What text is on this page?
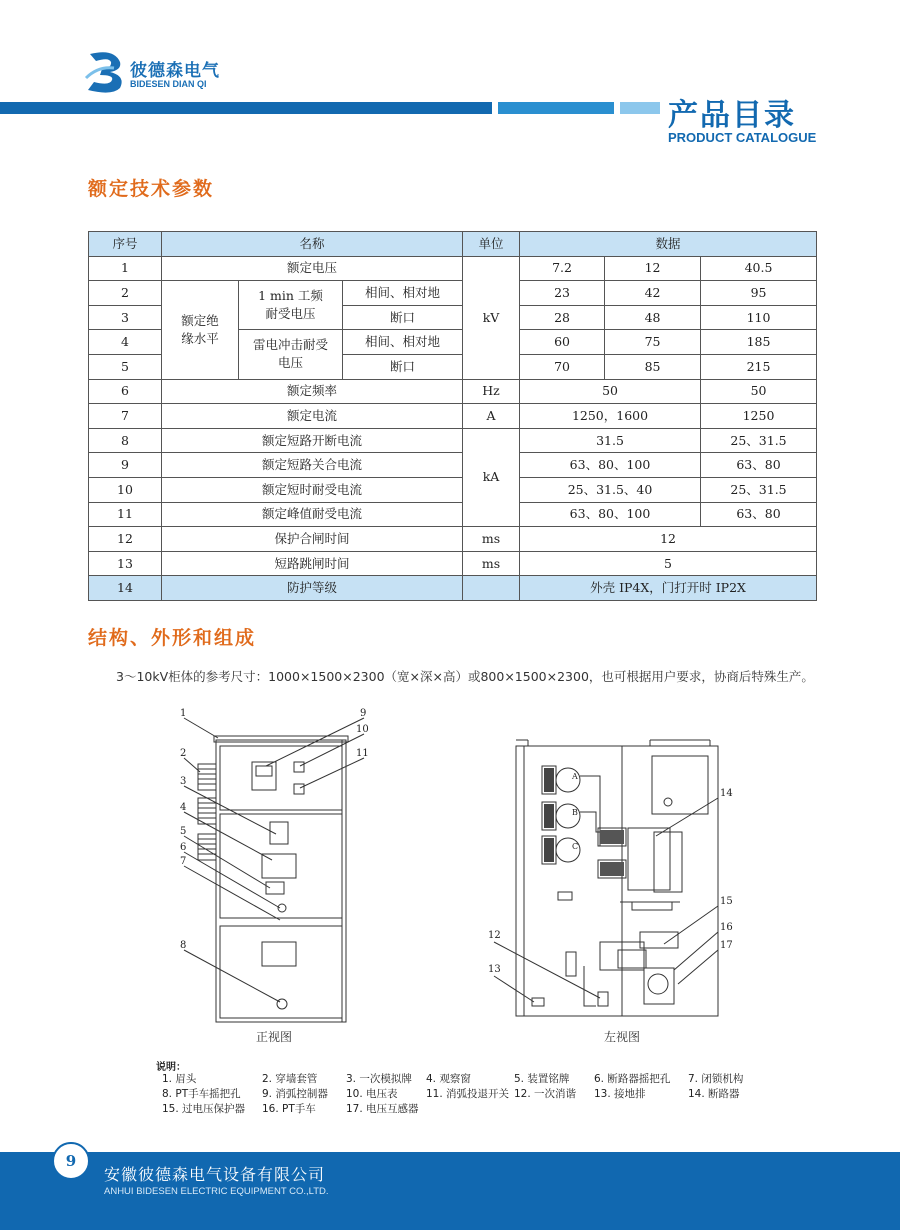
彼德森电气
BIDESEN DIAN QI
产品目录
PRODUCT CATALOGUE
额定技术参数
序号	名称			单位	数据		
1	额定电压			kV	7.2	12	40.5
2	额定绝缘水平	1 min 工频耐受电压	相间、相对地		23	42	95
3			断口		28	48	110
4		雷电冲击耐受电压	相间、相对地		60	75	185
5			断口		70	85	215
6	额定频率			Hz	50		50
7	额定电流			A	1250，1600		1250
8	额定短路开断电流			kA	31.5		25、31.5
9	额定短路关合电流				63、80、100		63、80
10	额定短时耐受电流				25、31.5、40		25、31.5
11	额定峰值耐受电流				63、80、100		63、80
12	保护合闸时间			ms	12		
13	短路跳闸时间			ms	5		
14	防护等级				外壳 IP4X，门打开时 IP2X		
结构、外形和组成
3～10kV柜体的参考尺寸：1000×1500×2300（宽×深×高）或800×1500×2300，也可根据用户要求，协商后特殊生产。
1
2
3
4
5
6
7
8
9
10
11
正视图
A
B
C
12
13
14
15
16
17
左视图
说明：
1. 眉头	2. 穿墙套管	3. 一次模拟牌	4. 观察窗	5. 装置铭牌	6. 断路器摇把孔	7. 闭锁机构
8. PT手车摇把孔	9. 消弧控制器	10. 电压表	11. 消弧投退开关 12. 一次消谐	13. 接地排	14. 断路器
15. 过电压保护器	16. PT手车	17. 电压互感器
9
安徽彼德森电气设备有限公司
ANHUI BIDESEN ELECTRIC EQUIPMENT CO.,LTD.
